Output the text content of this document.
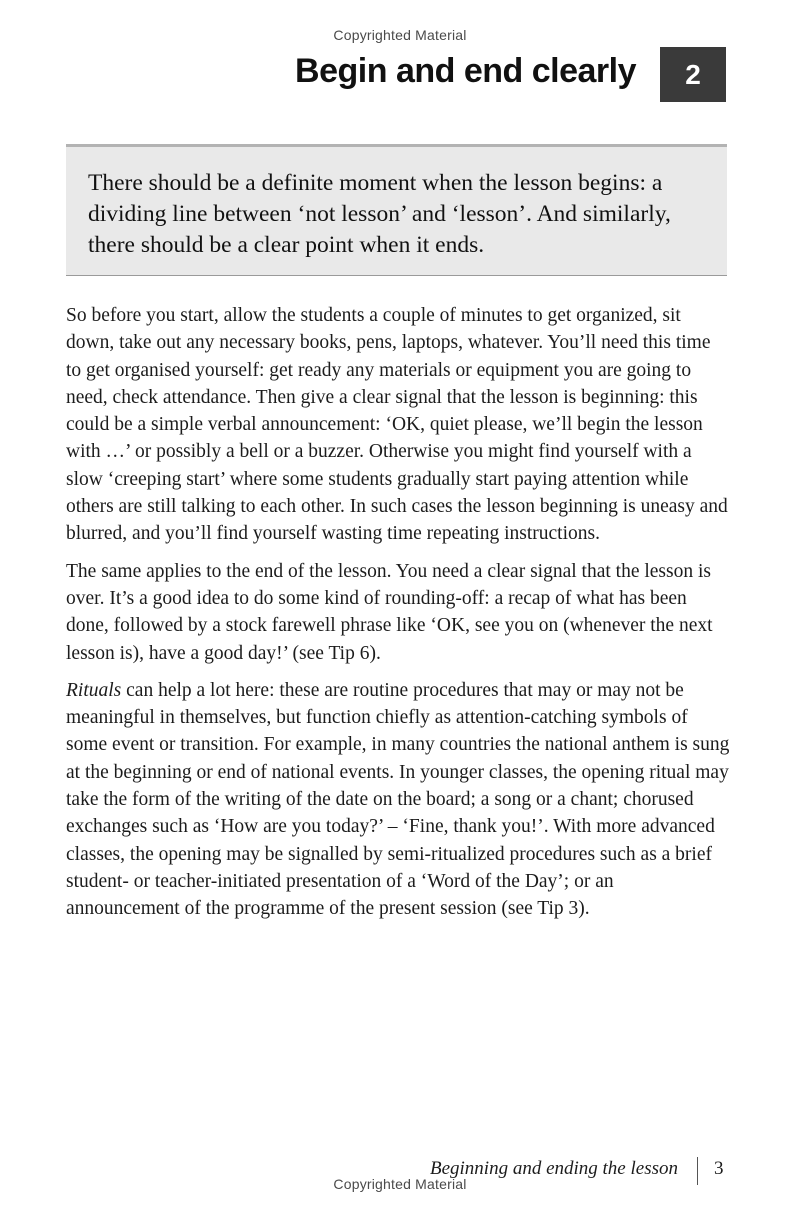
Copyrighted Material
Begin and end clearly	2

There should be a definite moment when the lesson begins: a dividing line between ‘not lesson’ and ‘lesson’. And similarly, there should be a clear point when it ends.

So before you start, allow the students a couple of minutes to get organized, sit down, take out any necessary books, pens, laptops, whatever. You’ll need this time to get organised yourself: get ready any materials or equipment you are going to need, check attendance. Then give a clear signal that the lesson is beginning: this could be a simple verbal announcement: ‘OK, quiet please, we’ll begin the lesson with …’ or possibly a bell or a buzzer. Otherwise you might find yourself with a slow ‘creeping start’ where some students gradually start paying attention while others are still talking to each other. In such cases the lesson beginning is uneasy and blurred, and you’ll find yourself wasting time repeating instructions.

The same applies to the end of the lesson. You need a clear signal that the lesson is over. It’s a good idea to do some kind of rounding-off: a recap of what has been done, followed by a stock farewell phrase like ‘OK, see you on (whenever the next lesson is), have a good day!’ (see Tip 6).

Rituals can help a lot here: these are routine procedures that may or may not be meaningful in themselves, but function chiefly as attention-catching symbols of some event or transition. For example, in many countries the national anthem is sung at the beginning or end of national events. In younger classes, the opening ritual may take the form of the writing of the date on the board; a song or a chant; chorused exchanges such as ‘How are you today?’ – ‘Fine, thank you!’. With more advanced classes, the opening may be signalled by semi-ritualized procedures such as a brief student- or teacher-initiated presentation of a ‘Word of the Day’; or an announcement of the programme of the present session (see Tip 3).

Beginning and ending the lesson 3
Copyrighted Material
